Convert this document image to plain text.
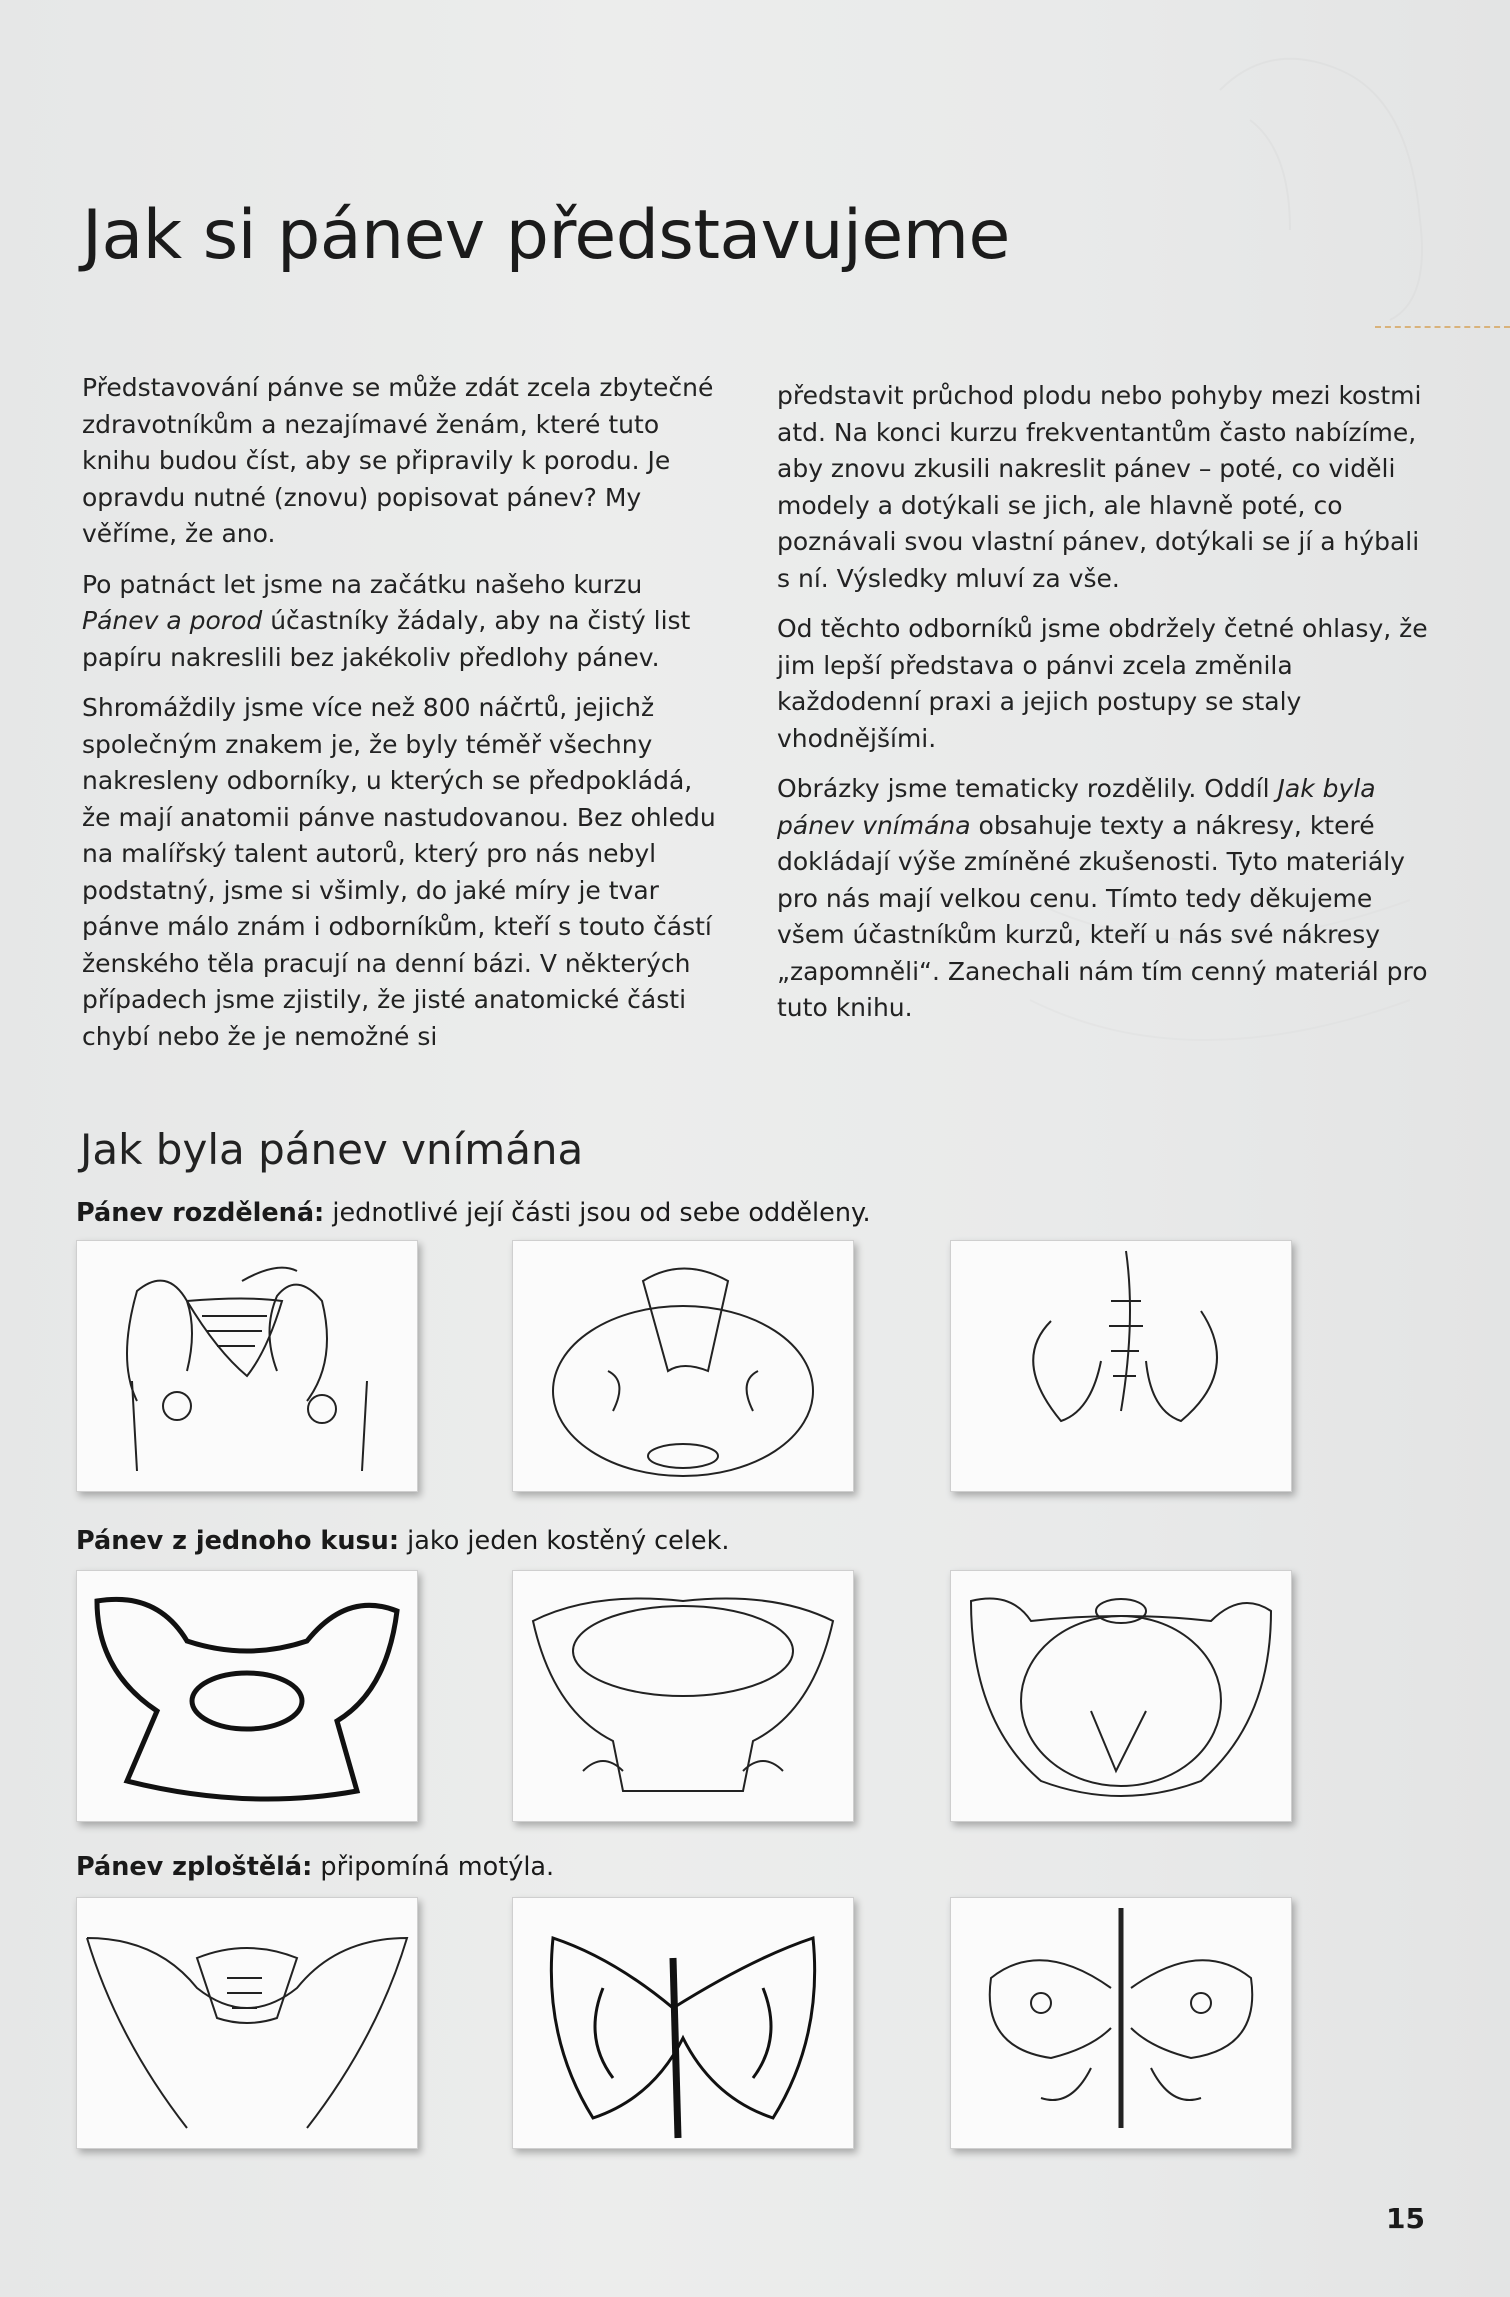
Jak si pánev představujeme

Představování pánve se může zdát zcela zbytečné zdravotníkům a nezajímavé ženám, které tuto knihu budou číst, aby se připravily k porodu. Je opravdu nutné (znovu) popisovat pánev? My věříme, že ano.

Po patnáct let jsme na začátku našeho kurzu Pánev a porod účastníky žádaly, aby na čistý list papíru nakreslili bez jakékoliv předlohy pánev.

Shromáždily jsme více než 800 náčrtů, jejichž společným znakem je, že byly téměř všechny nakresleny odborníky, u kterých se předpokládá, že mají anatomii pánve nastudovanou. Bez ohledu na malířský talent autorů, který pro nás nebyl podstatný, jsme si všimly, do jaké míry je tvar pánve málo znám i odborníkům, kteří s touto částí ženského těla pracují na denní bázi. V některých případech jsme zjistily, že jisté anatomické části chybí nebo že je nemožné si

představit průchod plodu nebo pohyby mezi kostmi atd. Na konci kurzu frekventantům často nabízíme, aby znovu zkusili nakreslit pánev – poté, co viděli modely a dotýkali se jich, ale hlavně poté, co poznávali svou vlastní pánev, dotýkali se jí a hýbali s ní. Výsledky mluví za vše.

Od těchto odborníků jsme obdržely četné ohlasy, že jim lepší představa o pánvi zcela změnila každodenní praxi a jejich postupy se staly vhodnějšími.

Obrázky jsme tematicky rozdělily. Oddíl Jak byla pánev vnímána obsahuje texty a nákresy, které dokládají výše zmíněné zkušenosti. Tyto materiály pro nás mají velkou cenu. Tímto tedy děkujeme všem účastníkům kurzů, kteří u nás své nákresy „zapomněli“. Zanechali nám tím cenný materiál pro tuto knihu.

Jak byla pánev vnímána
Pánev rozdělená: jednotlivé její části jsou od sebe odděleny.
Pánev z jednoho kusu: jako jeden kostěný celek.
Pánev zploštělá: připomíná motýla.
15
